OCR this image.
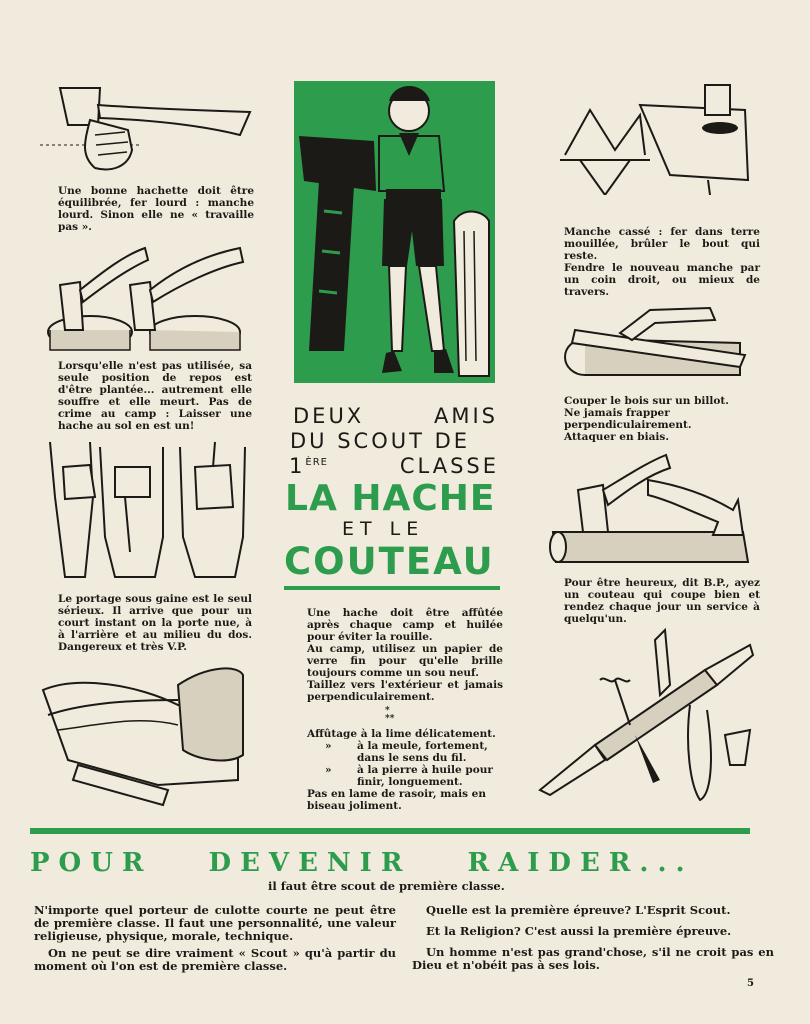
Une bonne hachette doit être équilibrée, fer lourd : manche lourd. Sinon elle ne « travaille pas ».

Lorsqu'elle n'est pas utilisée, sa seule position de repos est d'être plantée... autrement elle souffre et elle meurt. Pas de crime au camp : Laisser une hache au sol en est un!

Le portage sous gaine est le seul sérieux. Il arrive que pour un court instant on la porte nue, à à l'arrière et au milieu du dos. Dangereux et très V.P.

DEUX AMIS
DU SCOUT DE
1ÈRE	CLASSE
LA HACHE
ET LE
COUTEAU

Une hache doit être affûtée après chaque camp et huilée pour éviter la rouille.

Au camp, utilisez un papier de verre fin pour qu'elle brille toujours comme un sou neuf.

Taillez vers l'extérieur et jamais perpendiculairement.

*
**

Affûtage à la lime délicatement.

» à la meule, fortement, dans le sens du fil.

» à la pierre à huile pour finir, longuement.

Pas en lame de rasoir, mais en biseau joliment.

Manche cassé : fer dans terre mouillée, brûler le bout qui reste.

Fendre le nouveau manche par un coin droit, ou mieux de travers.

Couper le bois sur un billot.

Ne jamais frapper perpendiculairement.

Attaquer en biais.

Pour être heureux, dit B.P., ayez un couteau qui coupe bien et rendez chaque jour un service à quelqu'un.

POUR DEVENIR RAIDER...
il faut être scout de première classe.

N'importe quel porteur de culotte courte ne peut être de première classe. Il faut une personnalité, une valeur religieuse, physique, morale, technique.

On ne peut se dire vraiment « Scout » qu'à partir du moment où l'on est de première classe.

Quelle est la première épreuve? L'Esprit Scout.

Et la Religion? C'est aussi la première épreuve.

Un homme n'est pas grand'chose, s'il ne croit pas en Dieu et n'obéit pas à ses lois.

5
